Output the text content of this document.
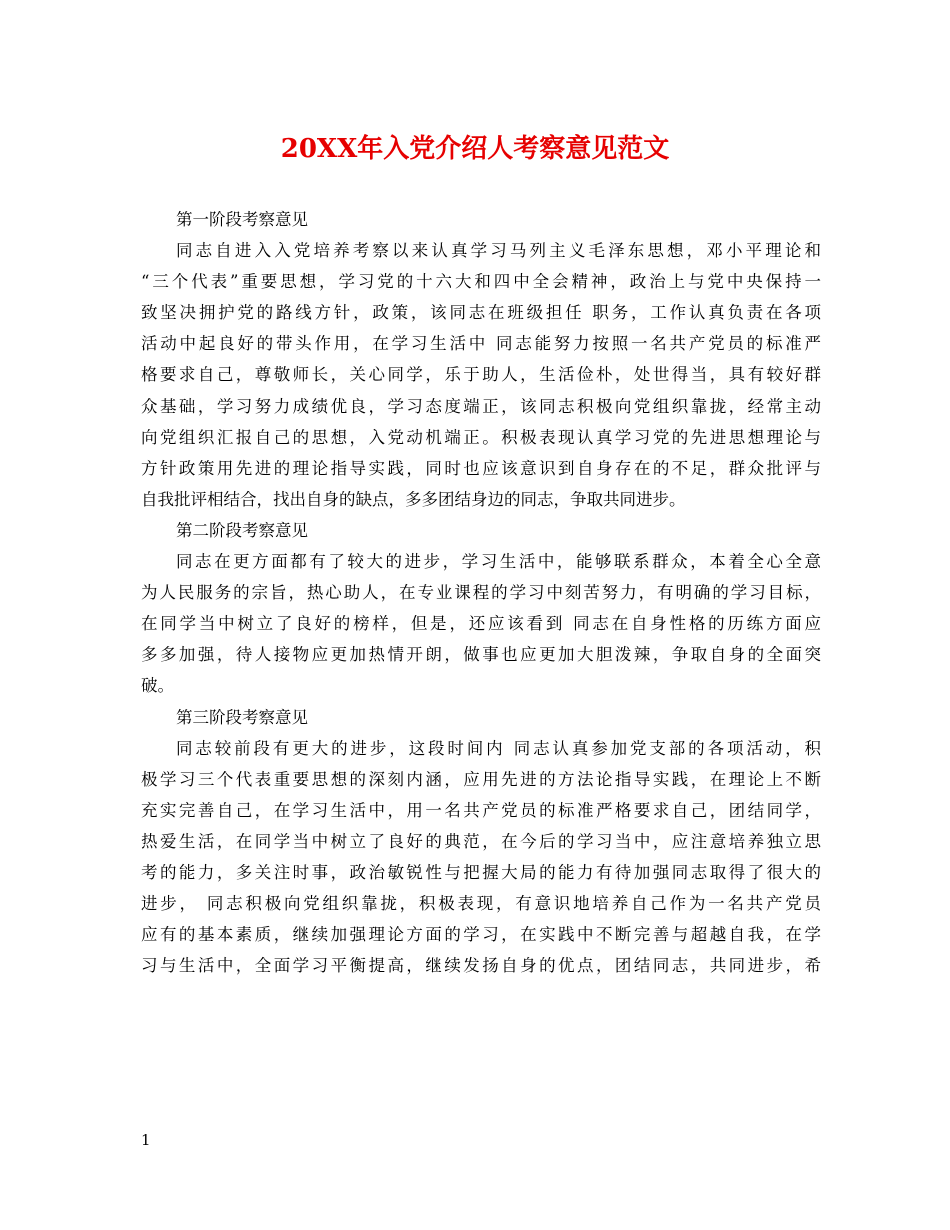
20XX年入党介绍人考察意见范文
第一阶段考察意见
同志自进入入党培养考察以来认真学习马列主义毛泽东思想，邓小平理论和
“三个代表”重要思想，学习党的十六大和四中全会精神，政治上与党中央保持一
致坚决拥护党的路线方针，政策，该同志在班级担任 职务，工作认真负责在各项
活动中起良好的带头作用，在学习生活中 同志能努力按照一名共产党员的标准严
格要求自己，尊敬师长，关心同学，乐于助人，生活俭朴，处世得当，具有较好群
众基础，学习努力成绩优良，学习态度端正，该同志积极向党组织靠拢，经常主动
向党组织汇报自己的思想，入党动机端正。积极表现认真学习党的先进思想理论与
方针政策用先进的理论指导实践，同时也应该意识到自身存在的不足，群众批评与
自我批评相结合，找出自身的缺点，多多团结身边的同志，争取共同进步。
第二阶段考察意见
同志在更方面都有了较大的进步，学习生活中，能够联系群众，本着全心全意
为人民服务的宗旨，热心助人，在专业课程的学习中刻苦努力，有明确的学习目标，
在同学当中树立了良好的榜样，但是，还应该看到 同志在自身性格的历练方面应
多多加强，待人接物应更加热情开朗，做事也应更加大胆泼辣，争取自身的全面突
破。
第三阶段考察意见
同志较前段有更大的进步，这段时间内 同志认真参加党支部的各项活动，积
极学习三个代表重要思想的深刻内涵，应用先进的方法论指导实践，在理论上不断
充实完善自己，在学习生活中，用一名共产党员的标准严格要求自己，团结同学，
热爱生活，在同学当中树立了良好的典范，在今后的学习当中，应注意培养独立思
考的能力，多关注时事，政治敏锐性与把握大局的能力有待加强同志取得了很大的
进步， 同志积极向党组织靠拢，积极表现，有意识地培养自己作为一名共产党员
应有的基本素质，继续加强理论方面的学习，在实践中不断完善与超越自我，在学
习与生活中，全面学习平衡提高，继续发扬自身的优点，团结同志，共同进步，希
1
